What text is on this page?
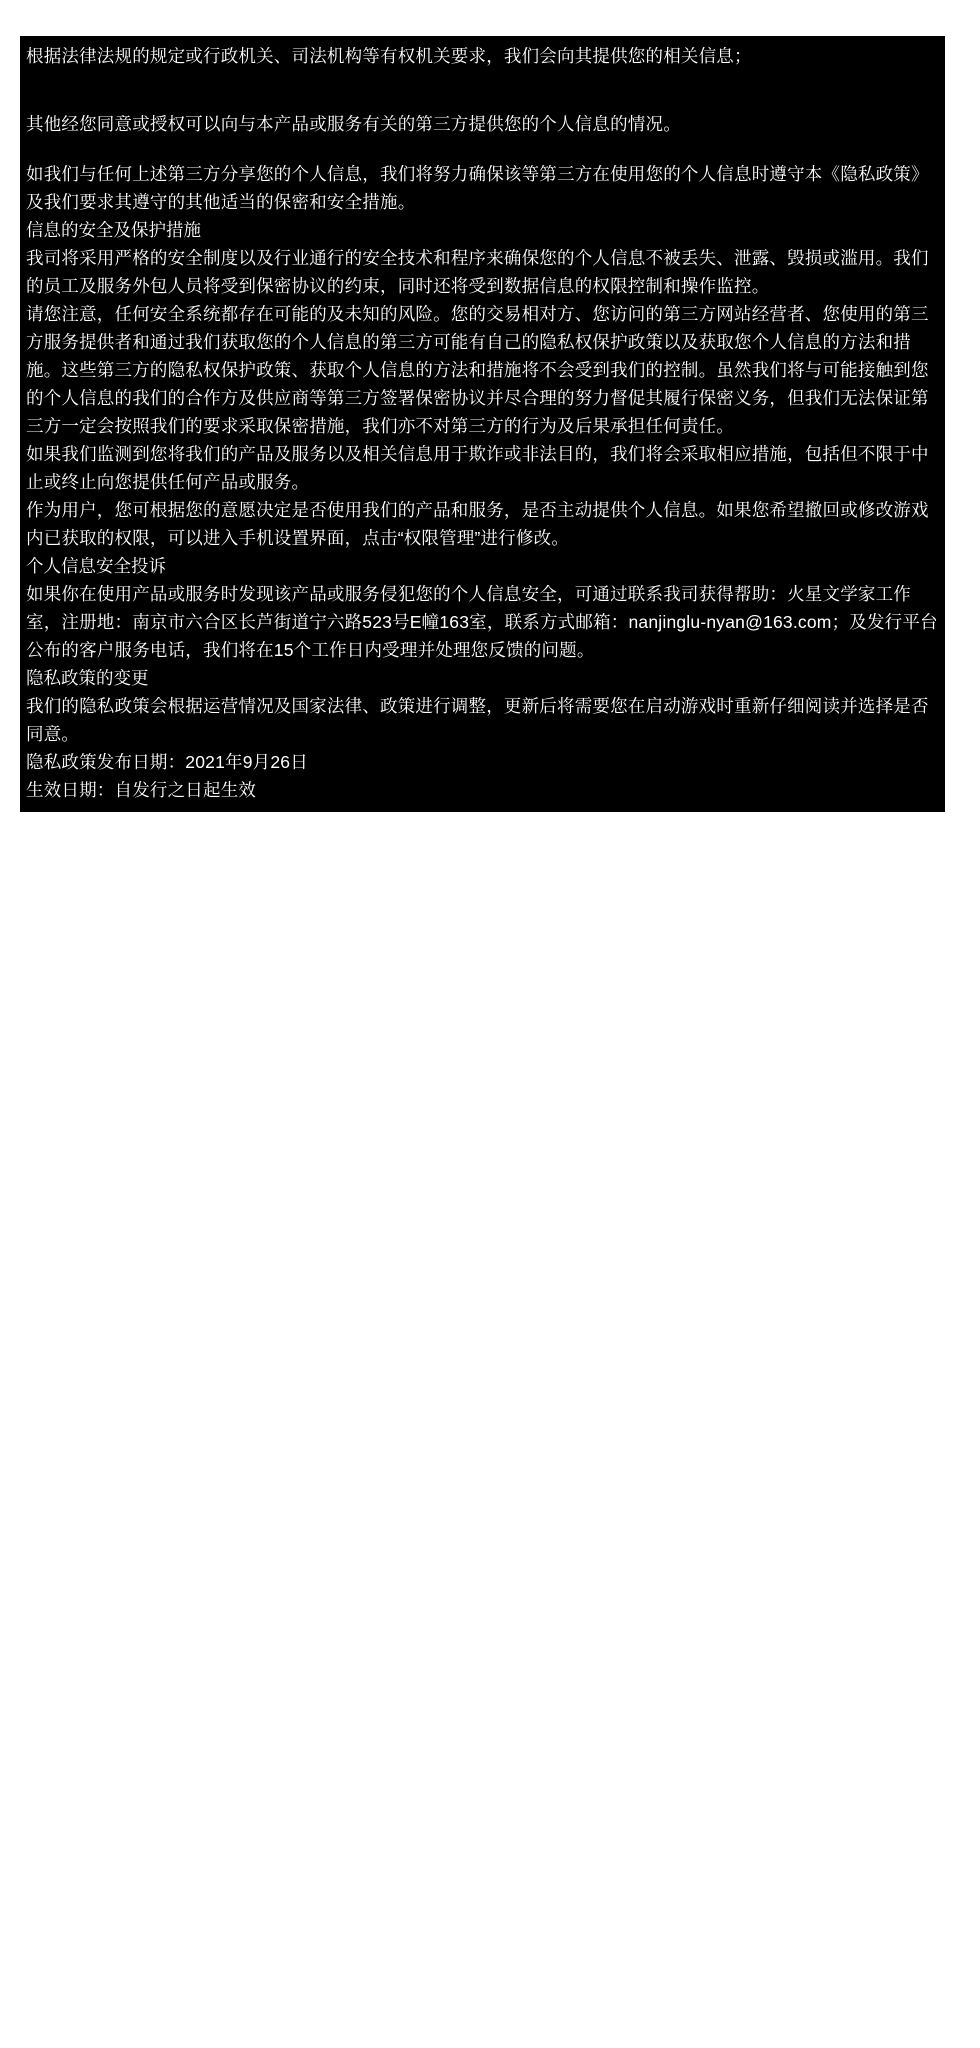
根据法律法规的规定或行政机关、司法机构等有权机关要求，我们会向其提供您的相关信息；

其他经您同意或授权可以向与本产品或服务有关的第三方提供您的个人信息的情况。

如我们与任何上述第三方分享您的个人信息，我们将努力确保该等第三方在使用您的个人信息时遵守本《隐私政策》及我们要求其遵守的其他适当的保密和安全措施。

信息的安全及保护措施

我司将采用严格的安全制度以及行业通行的安全技术和程序来确保您的个人信息不被丢失、泄露、毁损或滥用。我们的员工及服务外包人员将受到保密协议的约束，同时还将受到数据信息的权限控制和操作监控。

请您注意，任何安全系统都存在可能的及未知的风险。您的交易相对方、您访问的第三方网站经营者、您使用的第三方服务提供者和通过我们获取您的个人信息的第三方可能有自己的隐私权保护政策以及获取您个人信息的方法和措施。这些第三方的隐私权保护政策、获取个人信息的方法和措施将不会受到我们的控制。虽然我们将与可能接触到您的个人信息的我们的合作方及供应商等第三方签署保密协议并尽合理的努力督促其履行保密义务，但我们无法保证第三方一定会按照我们的要求采取保密措施，我们亦不对第三方的行为及后果承担任何责任。

如果我们监测到您将我们的产品及服务以及相关信息用于欺诈或非法目的，我们将会采取相应措施，包括但不限于中止或终止向您提供任何产品或服务。

作为用户，您可根据您的意愿决定是否使用我们的产品和服务，是否主动提供个人信息。如果您希望撤回或修改游戏内已获取的权限，可以进入手机设置界面，点击“权限管理”进行修改。

个人信息安全投诉

如果你在使用产品或服务时发现该产品或服务侵犯您的个人信息安全，可通过联系我司获得帮助：火星文学家工作室，注册地：南京市六合区长芦街道宁六路523号E幢163室，联系方式邮箱：nanjinglu-nyan@163.com；及发行平台公布的客户服务电话，我们将在15个工作日内受理并处理您反馈的问题。

隐私政策的变更

我们的隐私政策会根据运营情况及国家法律、政策进行调整，更新后将需要您在启动游戏时重新仔细阅读并选择是否同意。

隐私政策发布日期：2021年9月26日

生效日期：自发行之日起生效
